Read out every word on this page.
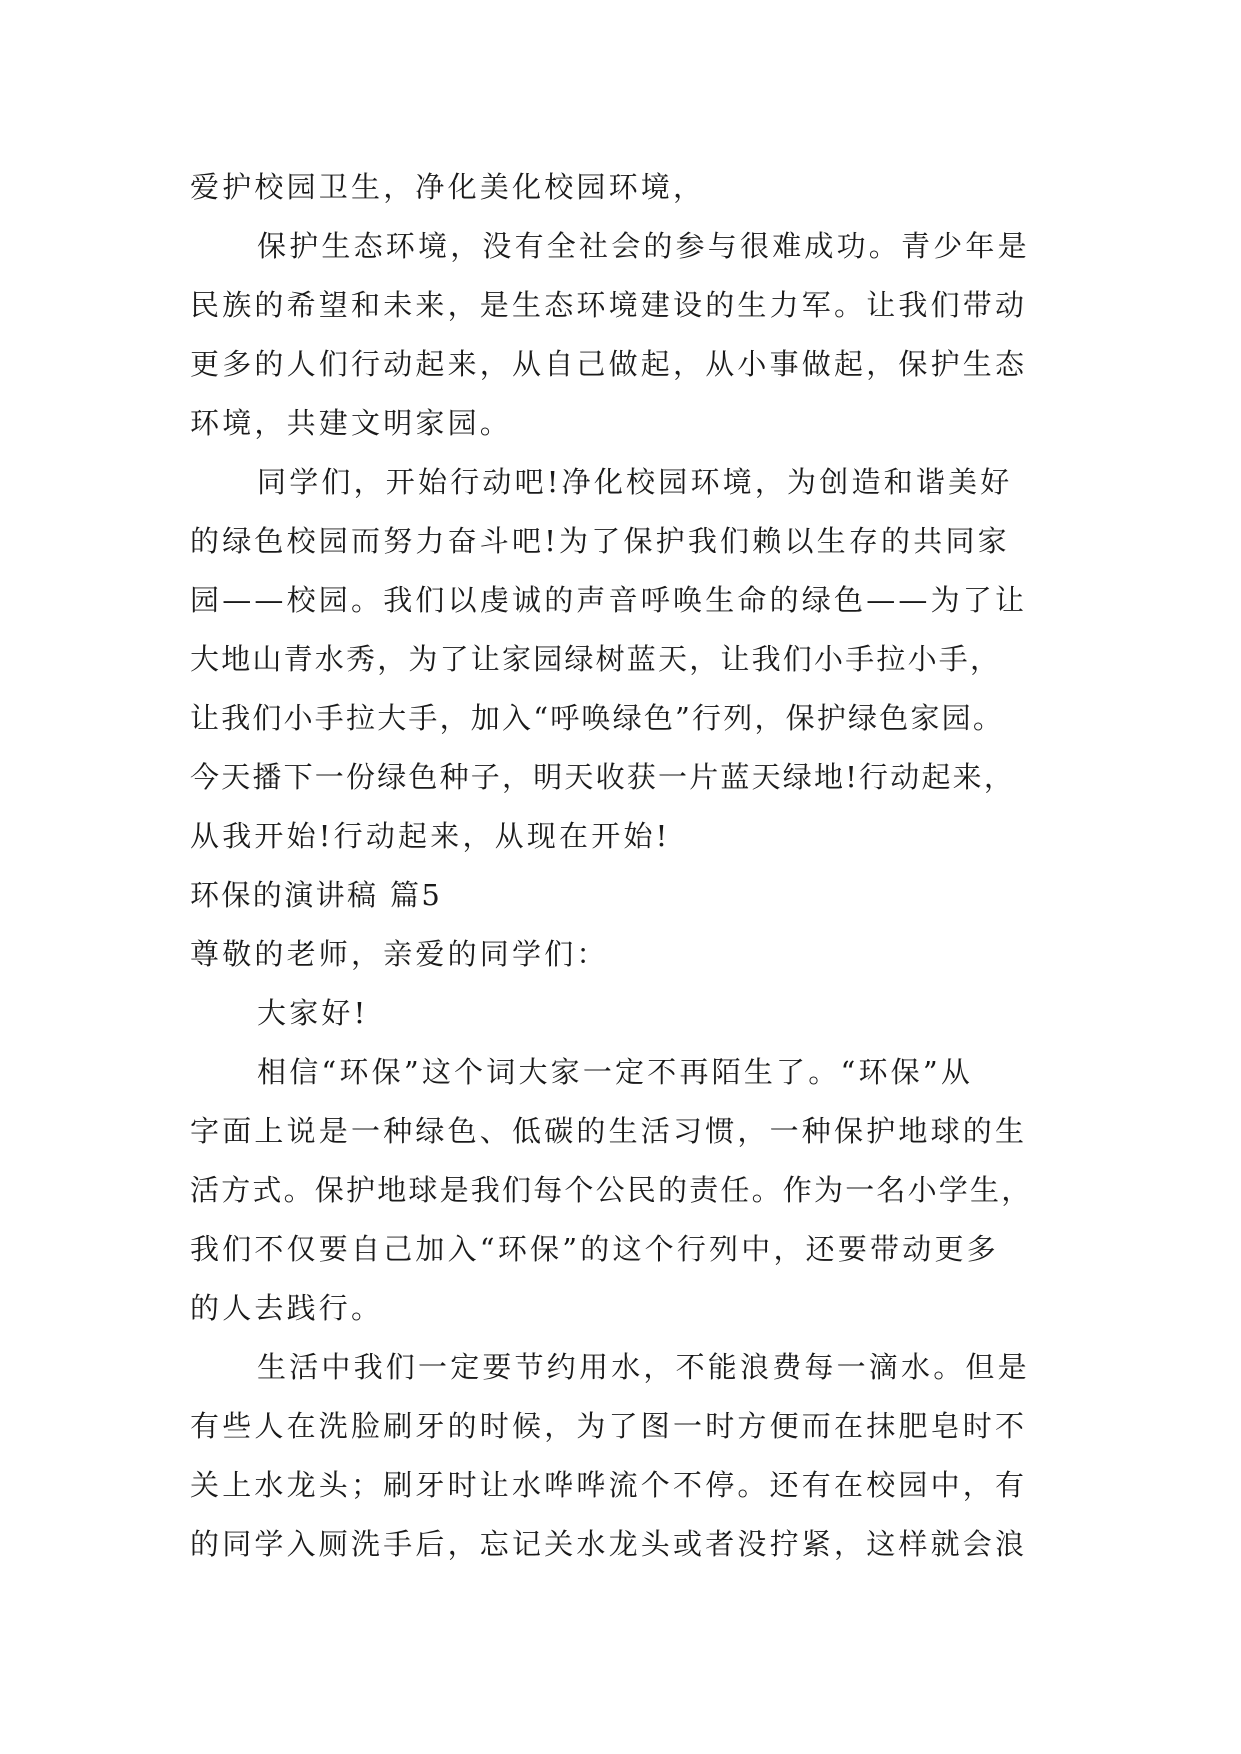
爱护校园卫生，净化美化校园环境，
保护生态环境，没有全社会的参与很难成功。青少年是
民族的希望和未来，是生态环境建设的生力军。让我们带动
更多的人们行动起来，从自己做起，从小事做起，保护生态
环境，共建文明家园。
同学们，开始行动吧!净化校园环境，为创造和谐美好
的绿色校园而努力奋斗吧!为了保护我们赖以生存的共同家
园——校园。我们以虔诚的声音呼唤生命的绿色——为了让
大地山青水秀，为了让家园绿树蓝天，让我们小手拉小手，
让我们小手拉大手，加入“呼唤绿色”行列，保护绿色家园。
今天播下一份绿色种子，明天收获一片蓝天绿地!行动起来，
从我开始!行动起来，从现在开始!
环保的演讲稿 篇5
尊敬的老师，亲爱的同学们：
大家好!
相信“环保”这个词大家一定不再陌生了。“环保”从
字面上说是一种绿色、低碳的生活习惯，一种保护地球的生
活方式。保护地球是我们每个公民的责任。作为一名小学生，
我们不仅要自己加入“环保”的这个行列中，还要带动更多
的人去践行。
生活中我们一定要节约用水，不能浪费每一滴水。但是
有些人在洗脸刷牙的时候，为了图一时方便而在抹肥皂时不
关上水龙头；刷牙时让水哗哗流个不停。还有在校园中，有
的同学入厕洗手后，忘记关水龙头或者没拧紧，这样就会浪
